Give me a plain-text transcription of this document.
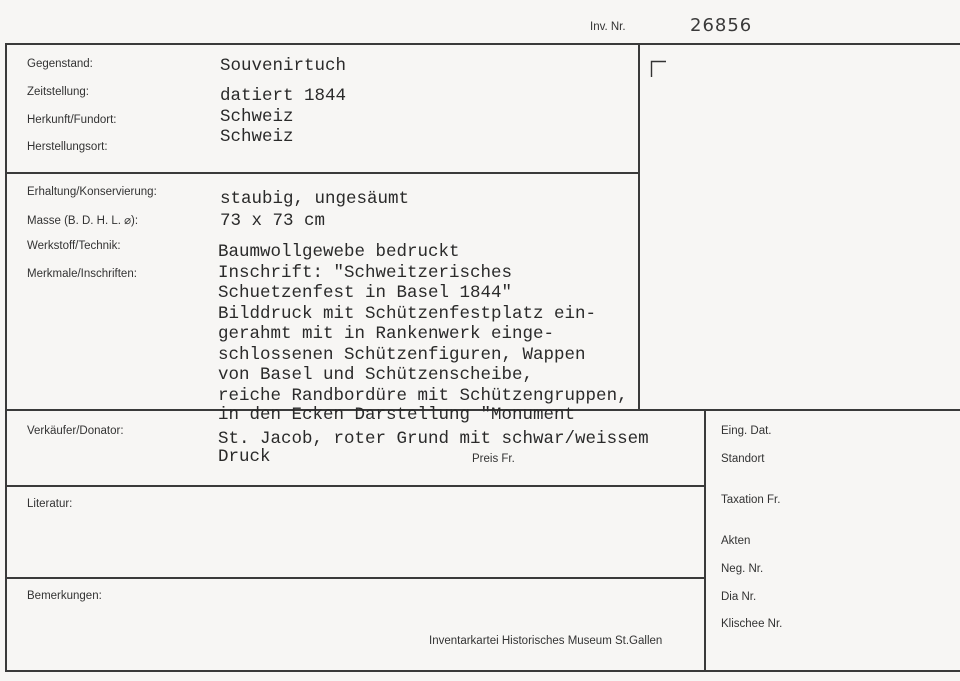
Inv. Nr.	26856
Gegenstand:
Zeitstellung:
Herkunft/Fundort:
Herstellungsort:
Erhaltung/Konservierung:
Masse (B. D. H. L. ⌀):
Werkstoff/Technik:
Merkmale/Inschriften:
Verkäufer/Donator:
Preis Fr.
Literatur:
Bemerkungen:
Eing. Dat.
Standort
Taxation Fr.
Akten
Neg. Nr.
Dia Nr.
Klischee Nr.
Souvenirtuch
datiert 1844
Schweiz
Schweiz
staubig, ungesäumt
73 x 73 cm
Baumwollgewebe bedruckt
Inschrift: "Schweitzerisches
Schuetzenfest in Basel 1844"
Bilddruck mit Schützenfestplatz ein-
gerahmt mit in Rankenwerk einge-
schlossenen Schützenfiguren, Wappen
von Basel und Schützenscheibe,
reiche Randbordüre mit Schützengruppen,
in den Ecken Darstellung "Monument
St. Jacob, roter Grund mit schwar/weissem
Druck
Inventarkartei Historisches Museum St.Gallen
